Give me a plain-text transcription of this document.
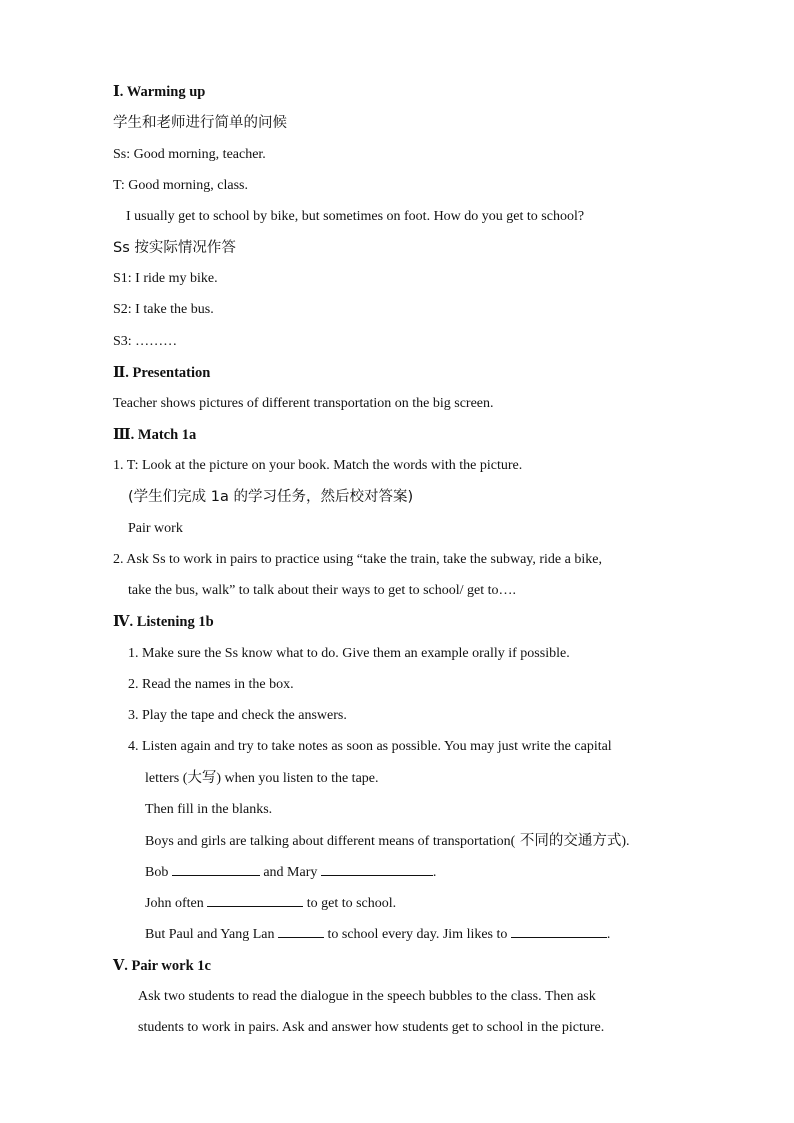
Ⅰ. Warming up
学生和老师进行简单的问候
Ss: Good morning, teacher.
T: Good morning, class.
I usually get to school by bike, but sometimes on foot. How do you get to school?
Ss 按实际情况作答
S1: I ride my bike.
S2: I take the bus.
S3: ………
Ⅱ. Presentation
Teacher shows pictures of different transportation on the big screen.
Ⅲ. Match 1a
1. T: Look at the picture on your book. Match the words with the picture.
(学生们完成 1a 的学习任务，然后校对答案)
Pair work
2. Ask Ss to work in pairs to practice using “take the train, take the subway, ride a bike,
take the bus, walk” to talk about their ways to get to school/ get to….
Ⅳ. Listening 1b
1. Make sure the Ss know what to do. Give them an example orally if possible.
2. Read the names in the box.
3. Play the tape and check the answers.
4. Listen again and try to take notes as soon as possible. You may just write the capital
letters (大写) when you listen to the tape.
Then fill in the blanks.
Boys and girls are talking about different means of transportation( 不同的交通方式).
Bob	and Mary	.
John often	to get to school.
But Paul and Yang Lan	to school every day. Jim likes to	.
Ⅴ. Pair work 1c
Ask two students to read the dialogue in the speech bubbles to the class. Then ask
students to work in pairs. Ask and answer how students get to school in the picture.
